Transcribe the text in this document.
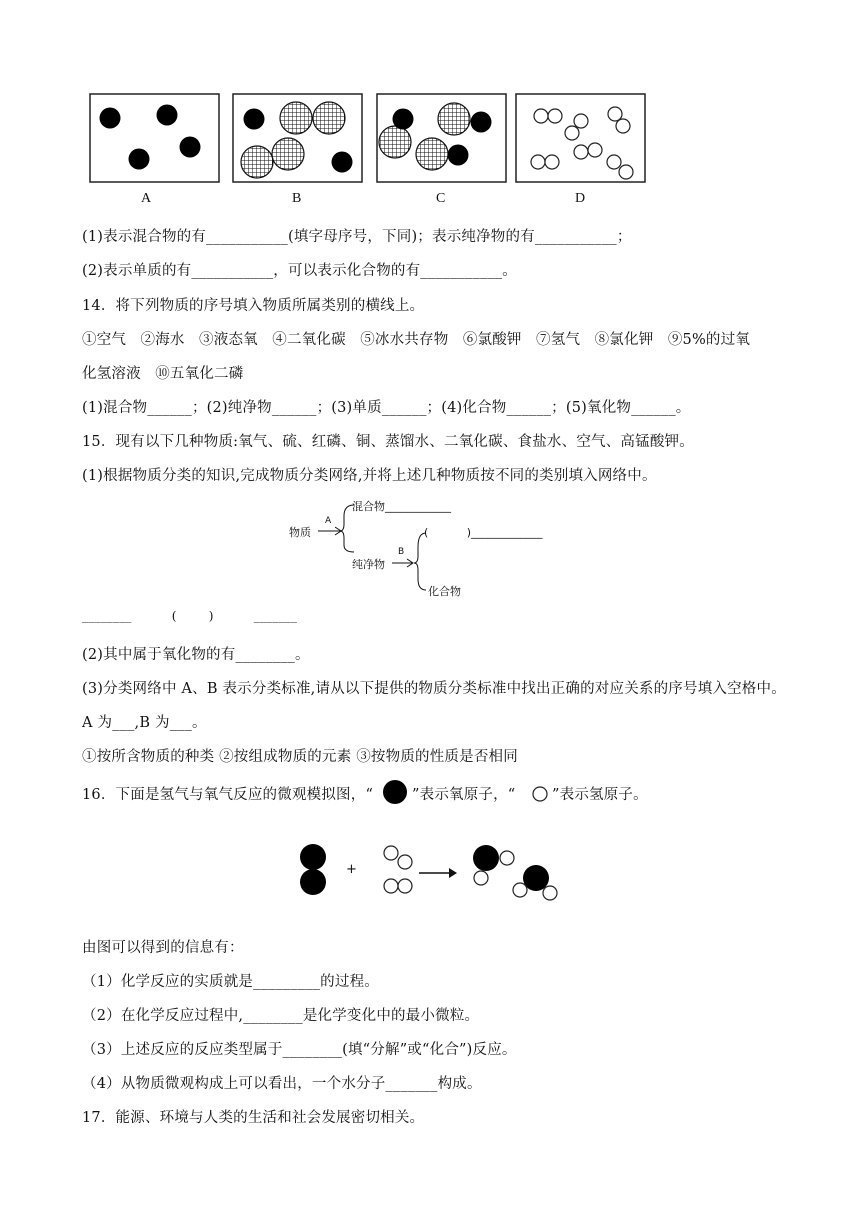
A	B	C	D
(1)表示混合物的有___________(填字母序号，下同)；表示纯净物的有___________；
(2)表示单质的有___________，可以表示化合物的有___________。
14．将下列物质的序号填入物质所属类别的横线上。
①空气   ②海水   ③液态氧   ④二氧化碳   ⑤冰水共存物   ⑥氯酸钾   ⑦氢气   ⑧氯化钾   ⑨5%的过氧
化氢溶液   ⑩五氧化二磷
(1)混合物______；(2)纯净物______；(3)单质______；(4)化合物______；(5)氧化物______。
15．现有以下几种物质:氧气、硫、红磷、铜、蒸馏水、二氧化碳、食盐水、空气、高锰酸钾。
(1)根据物质分类的知识,完成物质分类网络,并将上述几种物质按不同的类别填入网络中。
物质
A
混合物____________
纯净物
B
(           )_____________
化合物
________          (        )          _______
(2)其中属于氧化物的有________。
(3)分类网络中 A、B 表示分类标准,请从以下提供的物质分类标准中找出正确的对应关系的序号填入空格中。
A 为___,B 为___。
①按所含物质的种类 ②按组成物质的元素 ③按物质的性质是否相同
16．下面是氢气与氧气反应的微观模拟图，“	”表示氧原子，“	”表示氢原子。
+
由图可以得到的信息有：
（1）化学反应的实质就是_________的过程。
（2）在化学反应过程中,________是化学变化中的最小微粒。
（3）上述反应的反应类型属于________(填“分解”或“化合”)反应。
（4）从物质微观构成上可以看出，一个水分子_______构成。
17．能源、环境与人类的生活和社会发展密切相关。
